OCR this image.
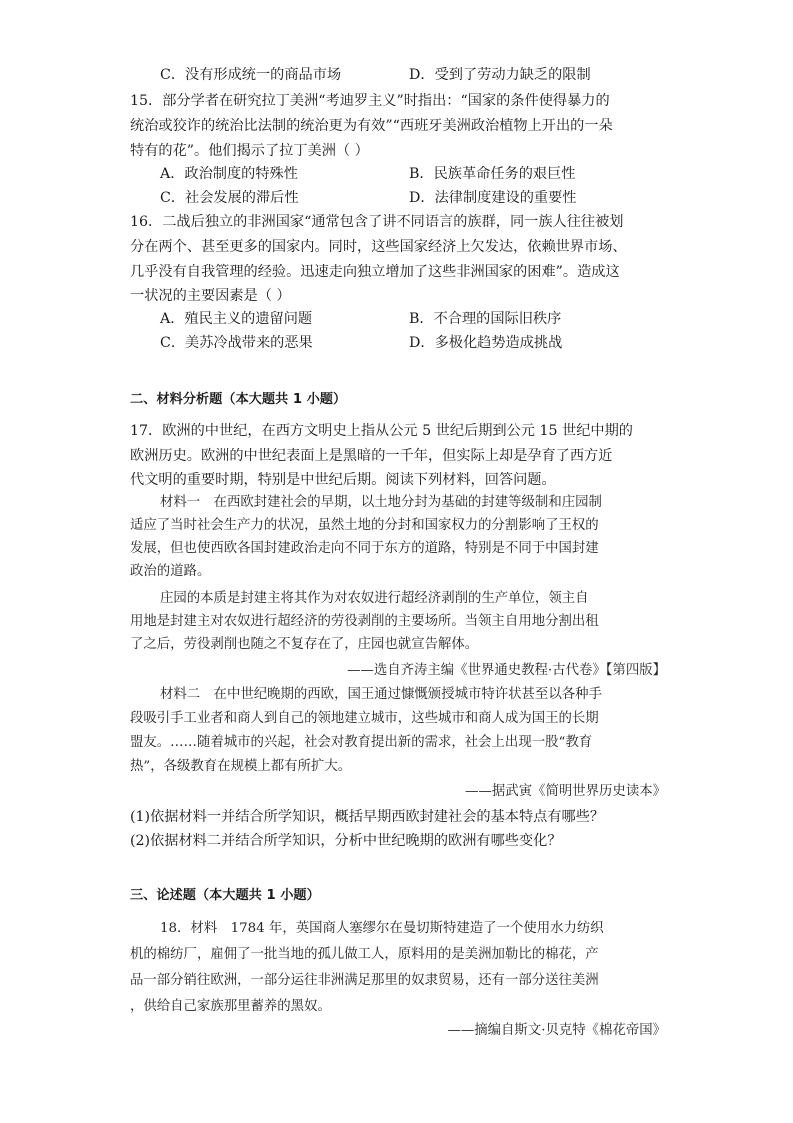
C．没有形成统一的商品市场	D．受到了劳动力缺乏的限制
15．部分学者在研究拉丁美洲“考迪罗主义”时指出：“国家的条件使得暴力的
统治或狡诈的统治比法制的统治更为有效”“西班牙美洲政治植物上开出的一朵
特有的花”。他们揭示了拉丁美洲（ ）
A．政治制度的特殊性	B．民族革命任务的艰巨性
C．社会发展的滞后性	D．法律制度建设的重要性
16．二战后独立的非洲国家“通常包含了讲不同语言的族群，同一族人往往被划
分在两个、甚至更多的国家内。同时，这些国家经济上欠发达，依赖世界市场、
几乎没有自我管理的经验。迅速走向独立增加了这些非洲国家的困难”。造成这
一状况的主要因素是（ ）
A．殖民主义的遗留问题	B．不合理的国际旧秩序
C．美苏冷战带来的恶果	D．多极化趋势造成挑战
二、材料分析题（本大题共 1 小题）
17．欧洲的中世纪，在西方文明史上指从公元 5 世纪后期到公元 15 世纪中期的
欧洲历史。欧洲的中世纪表面上是黑暗的一千年，但实际上却是孕育了西方近
代文明的重要时期，特别是中世纪后期。阅读下列材料，回答问题。
材料一　在西欧封建社会的早期，以土地分封为基础的封建等级制和庄园制
适应了当时社会生产力的状况，虽然土地的分封和国家权力的分割影响了王权的
发展，但也使西欧各国封建政治走向不同于东方的道路，特别是不同于中国封建
政治的道路。
庄园的本质是封建主将其作为对农奴进行超经济剥削的生产单位，领主自
用地是封建主对农奴进行超经济的劳役剥削的主要场所。当领主自用地分割出租
了之后，劳役剥削也随之不复存在了，庄园也就宣告解体。
——选自齐涛主编《世界通史教程·古代卷》【第四版】
材料二　在中世纪晚期的西欧，国王通过慷慨颁授城市特许状甚至以各种手
段吸引手工业者和商人到自己的领地建立城市，这些城市和商人成为国王的长期
盟友。……随着城市的兴起，社会对教育提出新的需求，社会上出现一股“教育
热”，各级教育在规模上都有所扩大。
——据武寅《简明世界历史读本》
(1)依据材料一并结合所学知识，概括早期西欧封建社会的基本特点有哪些？
(2)依据材料二并结合所学知识，分析中世纪晚期的欧洲有哪些变化？
三、论述题（本大题共 1 小题）
18．材料　1784 年，英国商人塞缪尔在曼切斯特建造了一个使用水力纺织
机的棉纺厂，雇佣了一批当地的孤儿做工人，原料用的是美洲加勒比的棉花，产
品一部分销往欧洲，一部分运往非洲满足那里的奴隶贸易，还有一部分送往美洲
，供给自己家族那里蓄养的黑奴。
——摘编自斯文·贝克特《棉花帝国》
